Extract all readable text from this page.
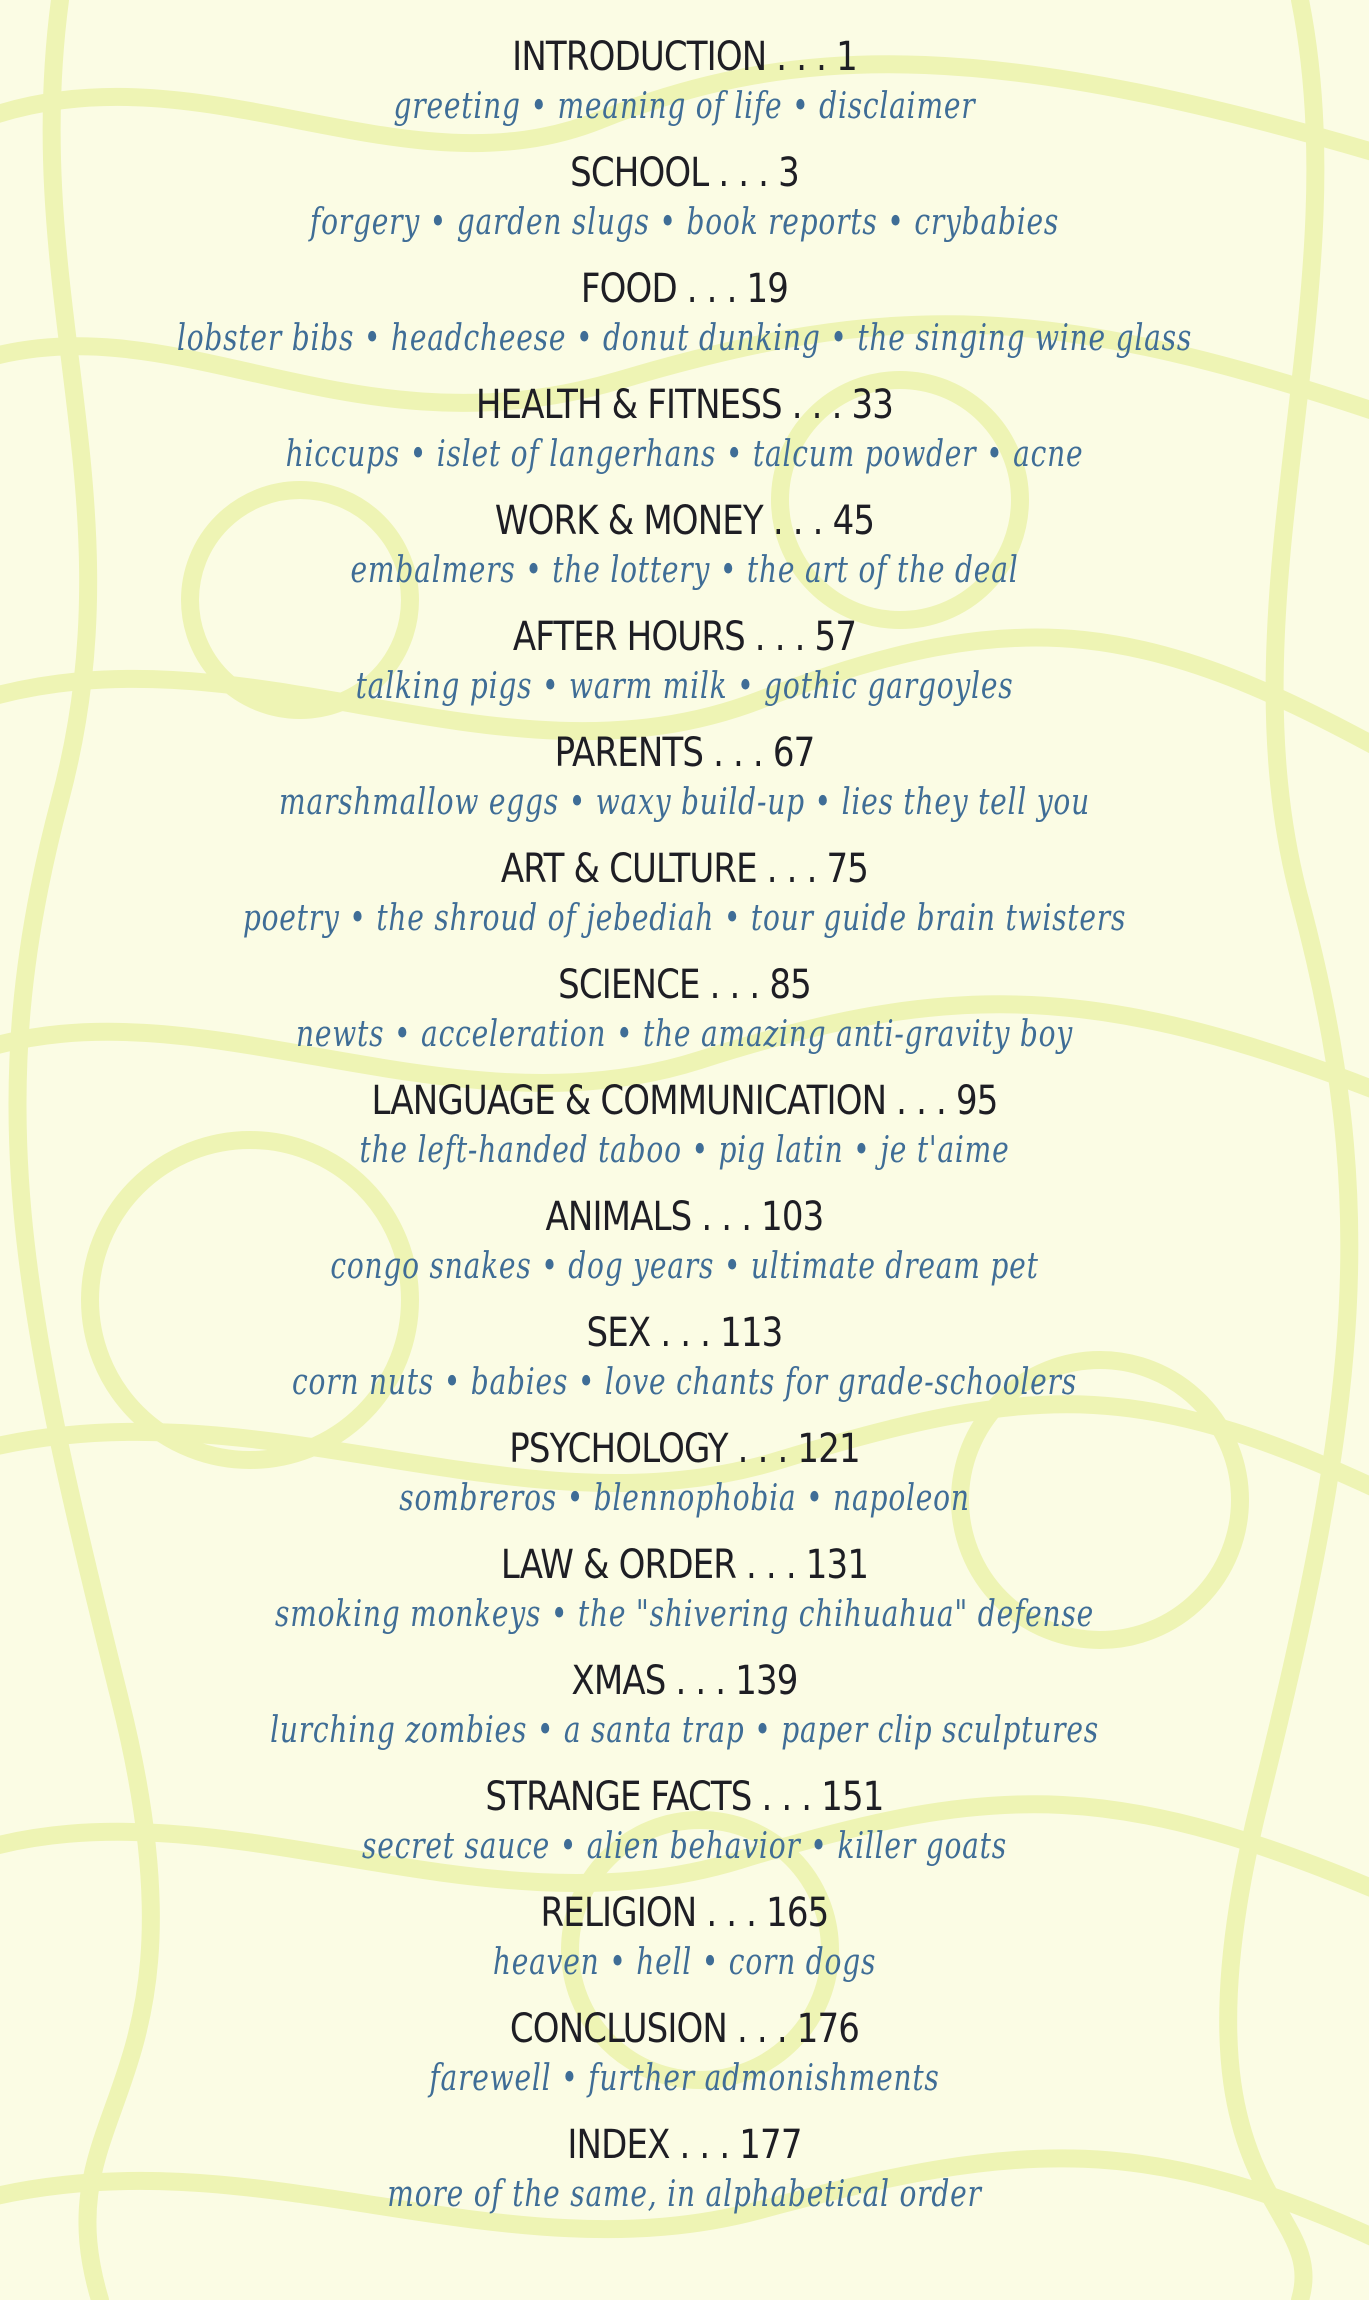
INTRODUCTION . . . 1
greeting • meaning of life • disclaimer
SCHOOL . . . 3
forgery • garden slugs • book reports • crybabies
FOOD . . . 19
lobster bibs • headcheese • donut dunking • the singing wine glass
HEALTH & FITNESS . . . 33
hiccups • islet of langerhans • talcum powder • acne
WORK & MONEY . . . 45
embalmers • the lottery • the art of the deal
AFTER HOURS . . . 57
talking pigs • warm milk • gothic gargoyles
PARENTS . . . 67
marshmallow eggs • waxy build-up • lies they tell you
ART & CULTURE . . . 75
poetry • the shroud of jebediah • tour guide brain twisters
SCIENCE . . . 85
newts • acceleration • the amazing anti-gravity boy
LANGUAGE & COMMUNICATION . . . 95
the left-handed taboo • pig latin • je t'aime
ANIMALS . . . 103
congo snakes • dog years • ultimate dream pet
SEX . . . 113
corn nuts • babies • love chants for grade-schoolers
PSYCHOLOGY . . . 121
sombreros • blennophobia • napoleon
LAW & ORDER . . . 131
smoking monkeys • the "shivering chihuahua" defense
XMAS . . . 139
lurching zombies • a santa trap • paper clip sculptures
STRANGE FACTS . . . 151
secret sauce • alien behavior • killer goats
RELIGION . . . 165
heaven • hell • corn dogs
CONCLUSION . . . 176
farewell • further admonishments
INDEX . . . 177
more of the same, in alphabetical order
